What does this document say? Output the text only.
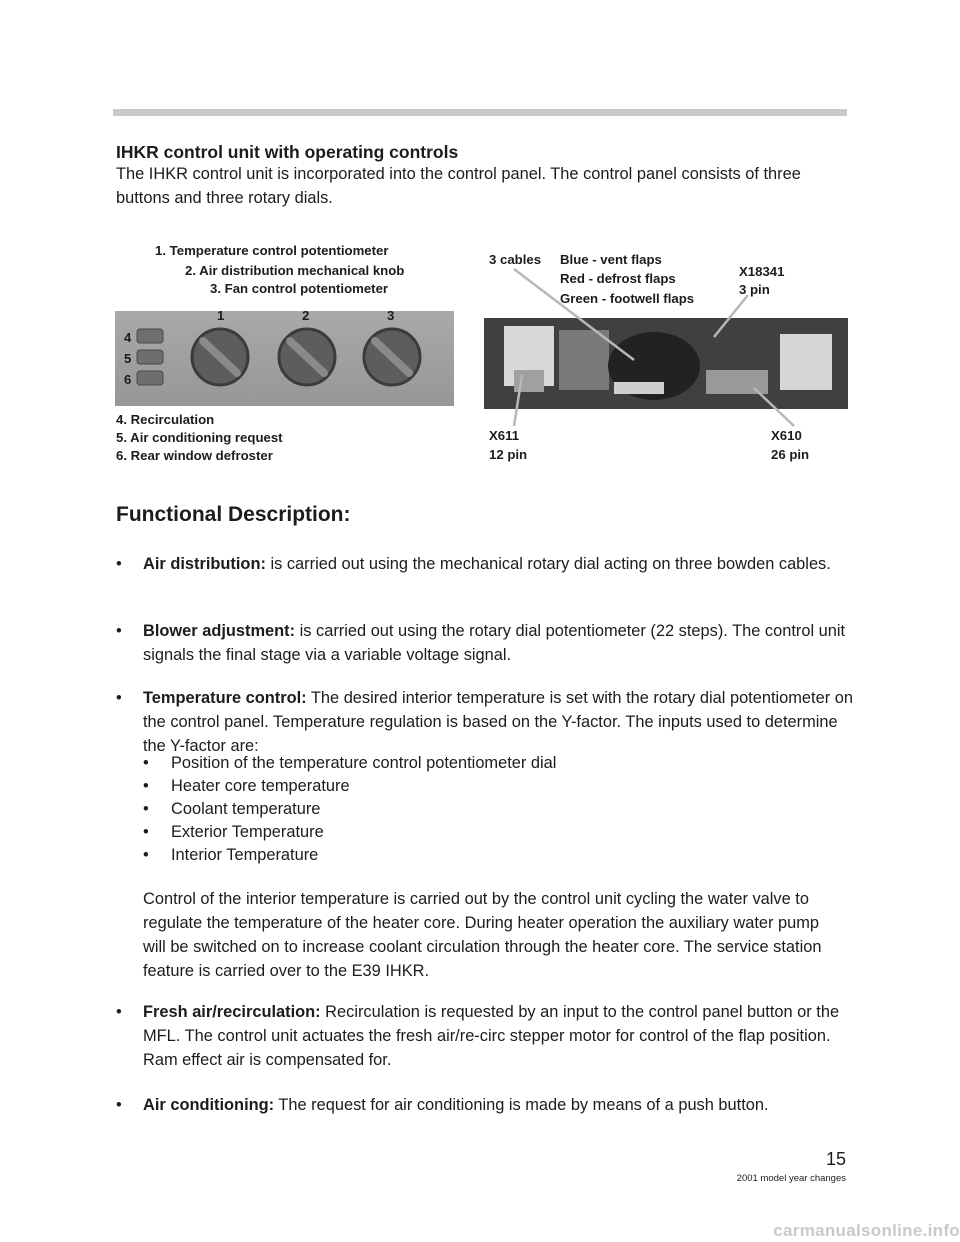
IHKR control unit with operating controls
The IHKR control unit is incorporated into the control panel. The control panel consists of three buttons and three rotary dials.
1. Temperature control potentiometer
2. Air distribution mechanical knob
3. Fan control potentiometer
1	2	3
4
5
6
4. Recirculation
5. Air conditioning request
6. Rear window defroster
3 cables Blue - vent flaps
Red - defrost flaps
Green - footwell flaps
X18341
3 pin
X611
12 pin
X610
26 pin
Functional Description:
• Air distribution: is carried out using the mechanical rotary dial acting on three bowden cables.
• Blower adjustment: is carried out using the rotary dial potentiometer (22 steps). The control unit signals the final stage via a variable voltage signal.
• Temperature control: The desired interior temperature is set with the rotary dial potentiometer on the control panel. Temperature regulation is based on the Y-factor. The inputs used to determine the Y-factor are:
• Position of the temperature control potentiometer dial
• Heater core temperature
• Coolant temperature
• Exterior Temperature
• Interior Temperature
Control of the interior temperature is carried out by the control unit cycling the water valve to regulate the temperature of the heater core. During heater operation the auxiliary water pump will be switched on to increase coolant circulation through the heater core. The service station feature is carried over to the E39 IHKR.
• Fresh air/recirculation: Recirculation is requested by an input to the control panel button or the MFL. The control unit actuates the fresh air/re-circ stepper motor for control of the flap position. Ram effect air is compensated for.
• Air conditioning: The request for air conditioning is made by means of a push button.
15
2001 model year changes
carmanualsonline.info
